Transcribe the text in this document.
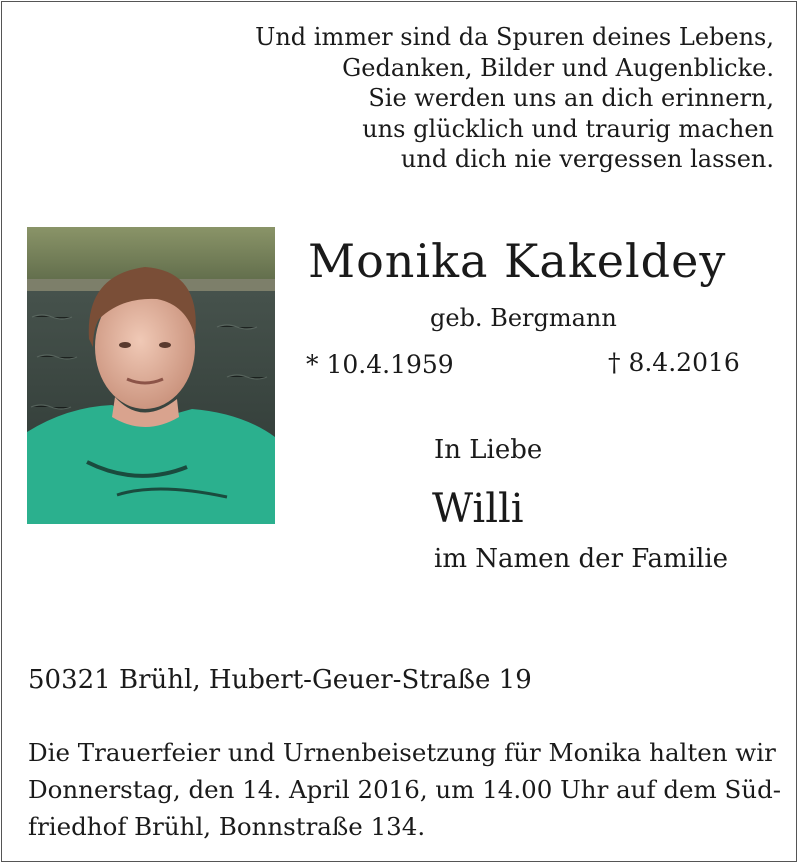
Und immer sind da Spuren deines Lebens,
Gedanken, Bilder und Augenblicke.
Sie werden uns an dich erinnern,
uns glücklich und traurig machen
und dich nie vergessen lassen.
Monika Kakeldey
geb. Bergmann
* 10.4.1959	† 8.4.2016
In Liebe
Willi
im Namen der Familie
50321 Brühl, Hubert-Geuer-Straße 19
Die Trauerfeier und Urnenbeisetzung für Monika halten wir
Donnerstag, den 14. April 2016, um 14.00 Uhr auf dem Süd-
friedhof Brühl, Bonnstraße 134.
